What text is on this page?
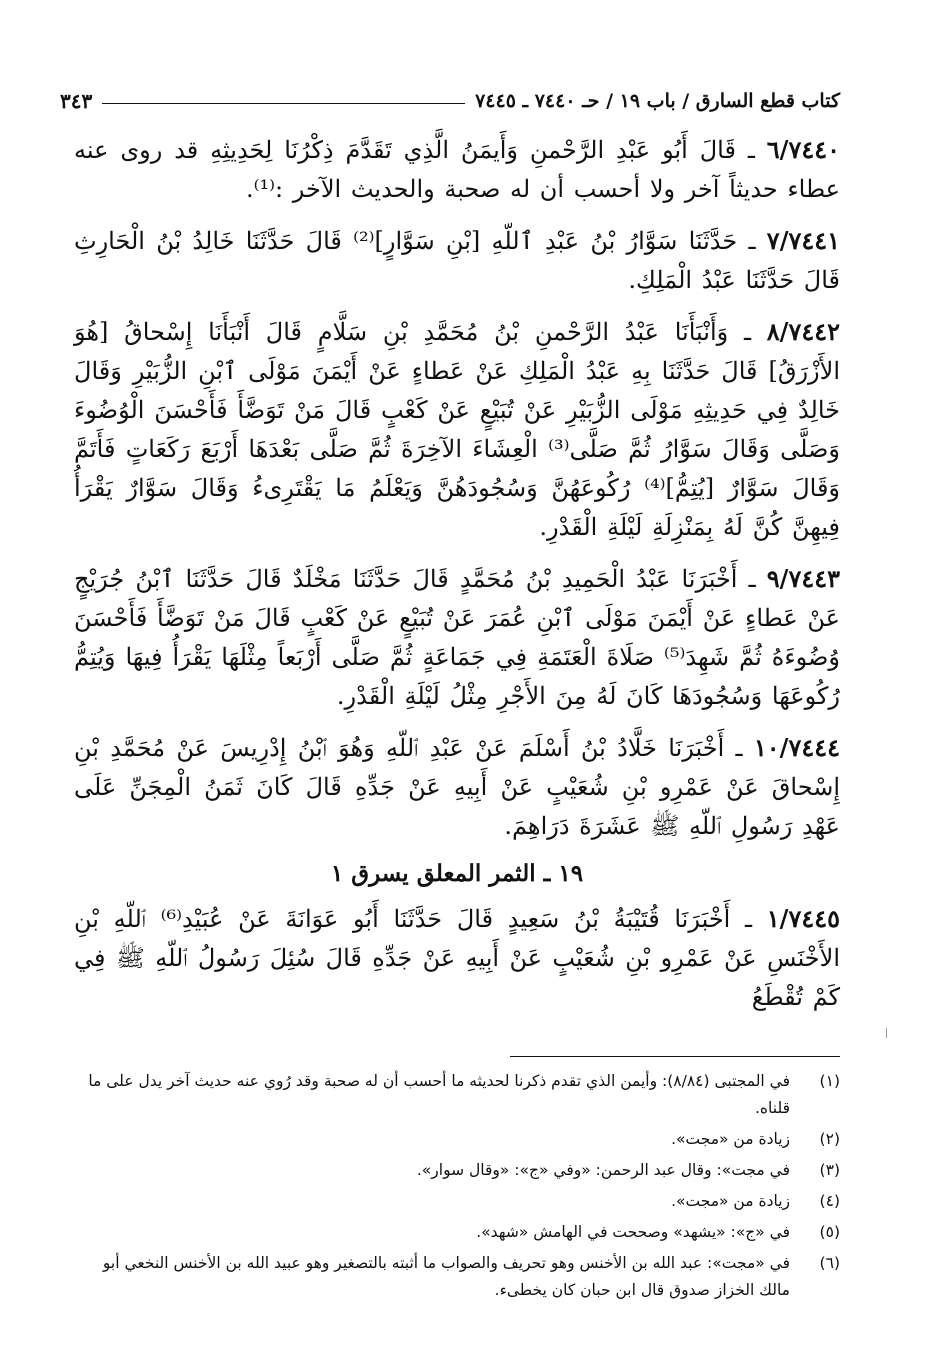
كتاب قطع السارق / باب ١٩ / حـ ٧٤٤٠ ـ ٧٤٤٥
٣٤٣

٦/٧٤٤٠ ـ قَالَ أَبُو عَبْدِ الرَّحْمنِ وَأَيمَنُ الَّذِي تَقَدَّمَ ذِكْرُنَا لِحَدِيثِهِ قد روى عنه عطاء حديثاً آخر ولا أحسب أن له صحبة والحديث الآخر :⁽¹⁾.

٧/٧٤٤١ ـ حَدَّثَنَا سَوَّارُ بْنُ عَبْدِ ٱللّهِ [بْنِ سَوَّارٍ]⁽²⁾ قَالَ حَدَّثَنَا خَالِدُ بْنُ الْحَارِثِ قَالَ حَدَّثَنَا عَبْدُ الْمَلِكِ.

٨/٧٤٤٢ ـ وَأَنْبَأَنَا عَبْدُ الرَّحْمنِ بْنُ مُحَمَّدِ بْنِ سَلَّامٍ قَالَ أَنْبَأَنَا إِسْحاقُ [هُوَ الأَزْرَقُ] قَالَ حَدَّثَنَا بِهِ عَبْدُ الْمَلِكِ عَنْ عَطاءٍ عَنْ أَيْمَنَ مَوْلَى ٱبْنِ الزُّبَيْرِ وَقَالَ خَالِدٌ فِي حَدِيثِهِ مَوْلَى الزُّبَيْرِ عَنْ تُبَيْعٍ عَنْ كَعْبٍ قَالَ مَنْ تَوَضَّأَ فَأَحْسَنَ الْوُضُوءَ وَصَلَّى وَقَالَ سَوَّارُ ثُمَّ صَلَّى⁽³⁾ الْعِشَاءَ الآخِرَةَ ثُمَّ صَلَّى بَعْدَهَا أَرْبَعَ رَكَعَاتٍ فَأَتَمَّ وَقَالَ سَوَّارٌ [يُتِمُّ]⁽⁴⁾ رُكُوعَهُنَّ وَسُجُودَهُنَّ وَيَعْلَمُ مَا يَقْتَرِىءُ وَقَالَ سَوَّارٌ يَقْرَأُ فِيهِنَّ كُنَّ لَهُ بِمَنْزِلَةِ لَيْلَةِ الْقَدْرِ.

٩/٧٤٤٣ ـ أَخْبَرَنَا عَبْدُ الْحَمِيدِ بْنُ مُحَمَّدٍ قَالَ حَدَّثَنَا مَخْلَدٌ قَالَ حَدَّثَنَا ٱبْنُ جُرَيْجٍ عَنْ عَطاءٍ عَنْ أَيْمَنَ مَوْلَى ٱبْنِ عُمَرَ عَنْ تُبَيْعٍ عَنْ كَعْبٍ قَالَ مَنْ تَوَضَّأَ فَأَحْسَنَ وُضُوءَهُ ثُمَّ شَهِدَ⁽⁵⁾ صَلَاةَ الْعَتَمَةِ فِي جَمَاعَةٍ ثُمَّ صَلَّى أَرْبَعاً مِثْلَهَا يَقْرَأُ فِيهَا وَيُتِمُّ رُكُوعَهَا وَسُجُودَهَا كَانَ لَهُ مِنَ الأَجْرِ مِثْلُ لَيْلَةِ الْقَدْرِ.

١٠/٧٤٤٤ ـ أَخْبَرَنَا خَلَّادُ بْنُ أَسْلَمَ عَنْ عَبْدِ ٱللّهِ وَهُوَ ٱبْنُ إِدْرِيسَ عَنْ مُحَمَّدِ بْنِ إِسْحاقَ عَنْ عَمْرِو بْنِ شُعَيْبٍ عَنْ أَبِيهِ عَنْ جَدِّهِ قَالَ كَانَ ثَمَنُ الْمِجَنِّ عَلَى عَهْدِ رَسُولِ ٱللّهِ ﷺ عَشَرَةَ دَرَاهِمَ.

١٩ ـ الثمر المعلق يسرق ١

١/٧٤٤٥ ـ أَخْبَرَنَا قُتَيْبَةُ بْنُ سَعِيدٍ قَالَ حَدَّثَنَا أَبُو عَوَانَةَ عَنْ عُبَيْدِ⁽⁶⁾ ٱللّهِ بْنِ الأَخْنَسِ عَنْ عَمْرِو بْنِ شُعَيْبٍ عَنْ أَبِيهِ عَنْ جَدِّهِ قَالَ سُئِلَ رَسُولُ ٱللّهِ ﷺ فِي كَمْ تُقْطَعُ

(١)
في المجتبى (٨/٨٤): وأيمن الذي تقدم ذكرنا لحديثه ما أحسب أن له صحبة وقد رُوي عنه حديث آخر يدل على ما قلناه.
(٢)
زيادة من «مجت».
(٣)
في مجت»: وقال عبد الرحمن: «وفي «ج»: «وقال سوار».
(٤)
زيادة من «مجت».
(٥)
في «ج»: «يشهد» وصححت في الهامش «شهد».
(٦)
في «مجت»: عبد الله بن الأخنس وهو تحريف والصواب ما أثبته بالتصغير وهو عبيد الله بن الأخنس النخعي أبو مالك الخزاز صدوق قال ابن حبان كان يخطىء.
